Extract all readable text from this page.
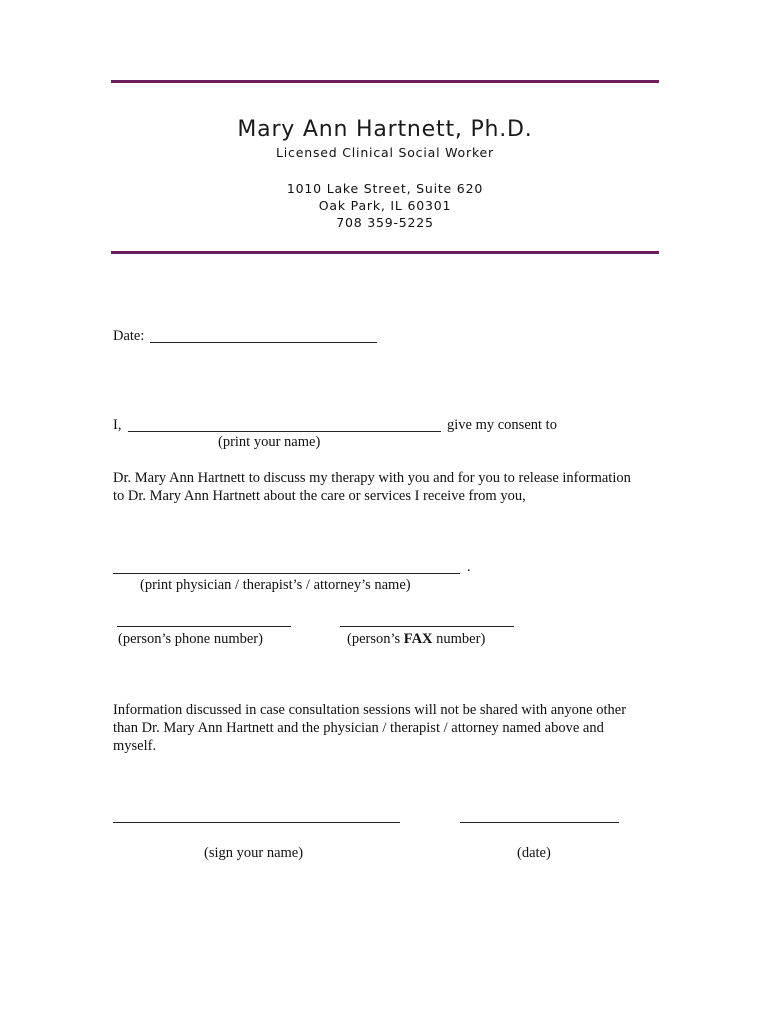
Mary Ann Hartnett, Ph.D.
Licensed Clinical Social Worker
1010 Lake Street, Suite 620
Oak Park, IL 60301
708 359-5225
Date:
I,	give my consent to
(print your name)
Dr. Mary Ann Hartnett to discuss my therapy with you and for you to release information
to Dr. Mary Ann Hartnett about the care or services I receive from you,
.
(print physician / therapist’s / attorney’s name)
(person’s phone number)	(person’s FAX number)
Information discussed in case consultation sessions will not be shared with anyone other
than Dr. Mary Ann Hartnett and the physician / therapist / attorney named above and
myself.
(sign your name)	(date)
